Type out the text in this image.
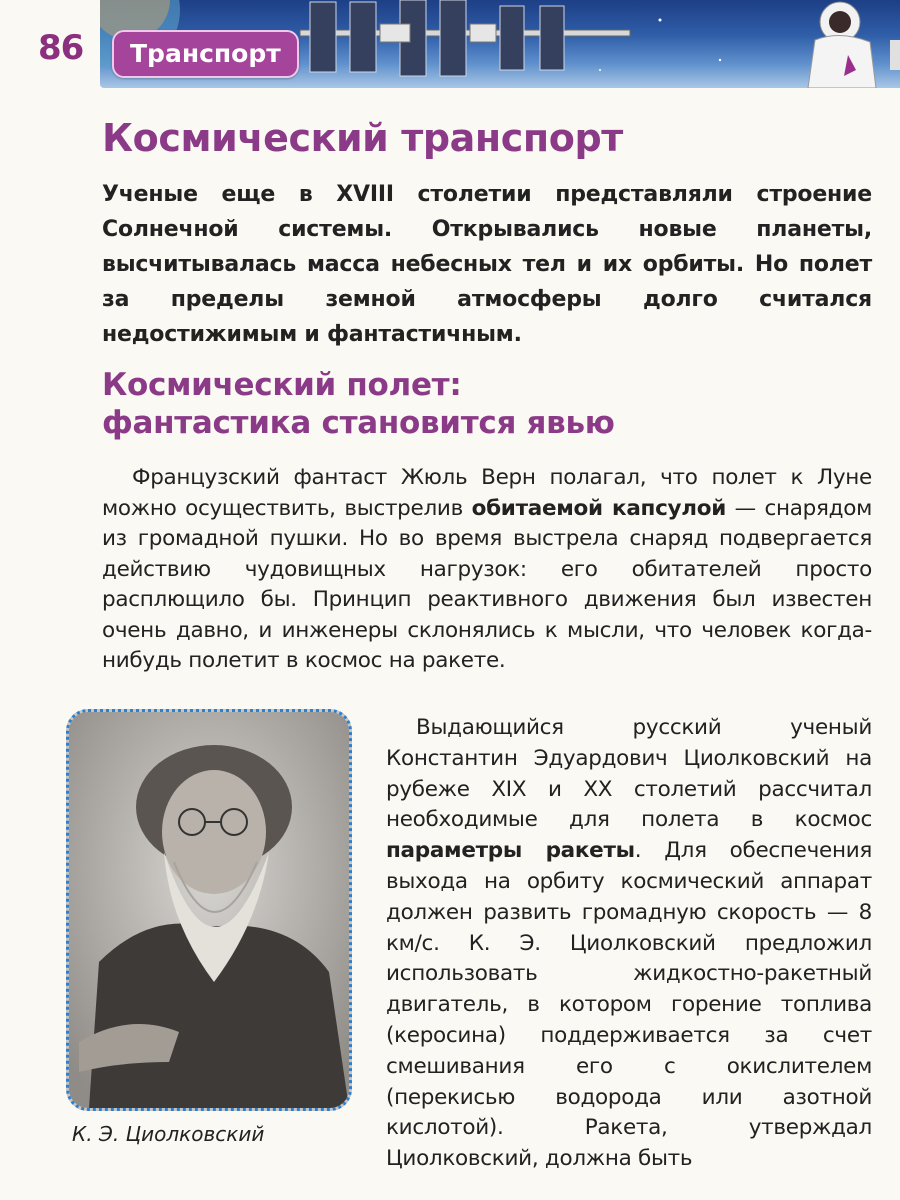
86	Транспорт
Космический транспорт

Ученые еще в XVIII столетии представляли строение Солнечной системы. Открывались новые планеты, высчитывалась масса небесных тел и их орбиты. Но полет за пределы земной атмосферы долго считался недостижимым и фантастичным.

Космический полет:
фантастика становится явью

Французский фантаст Жюль Верн полагал, что полет к Луне можно осуществить, выстрелив обитаемой капсулой — снарядом из громадной пушки. Но во время выстрела снаряд подвергается действию чудовищных нагрузок: его обитателей просто расплющило бы. Принцип реактивного движения был известен очень давно, и инженеры склонялись к мысли, что человек когда-нибудь полетит в космос на ракете.

К. Э. Циолковский

Выдающийся русский ученый Константин Эдуардович Циолковский на рубеже XIX и XX столетий рассчитал необходимые для полета в космос параметры ракеты. Для обеспечения выхода на орбиту космический аппарат должен развить громадную скорость — 8 км/с. К. Э. Циолковский предложил использовать жидкостно-ракетный двигатель, в котором горение топлива (керосина) поддерживается за счет смешивания его с окислителем (перекисью водорода или азотной кислотой). Ракета, утверждал Циолковский, должна быть
